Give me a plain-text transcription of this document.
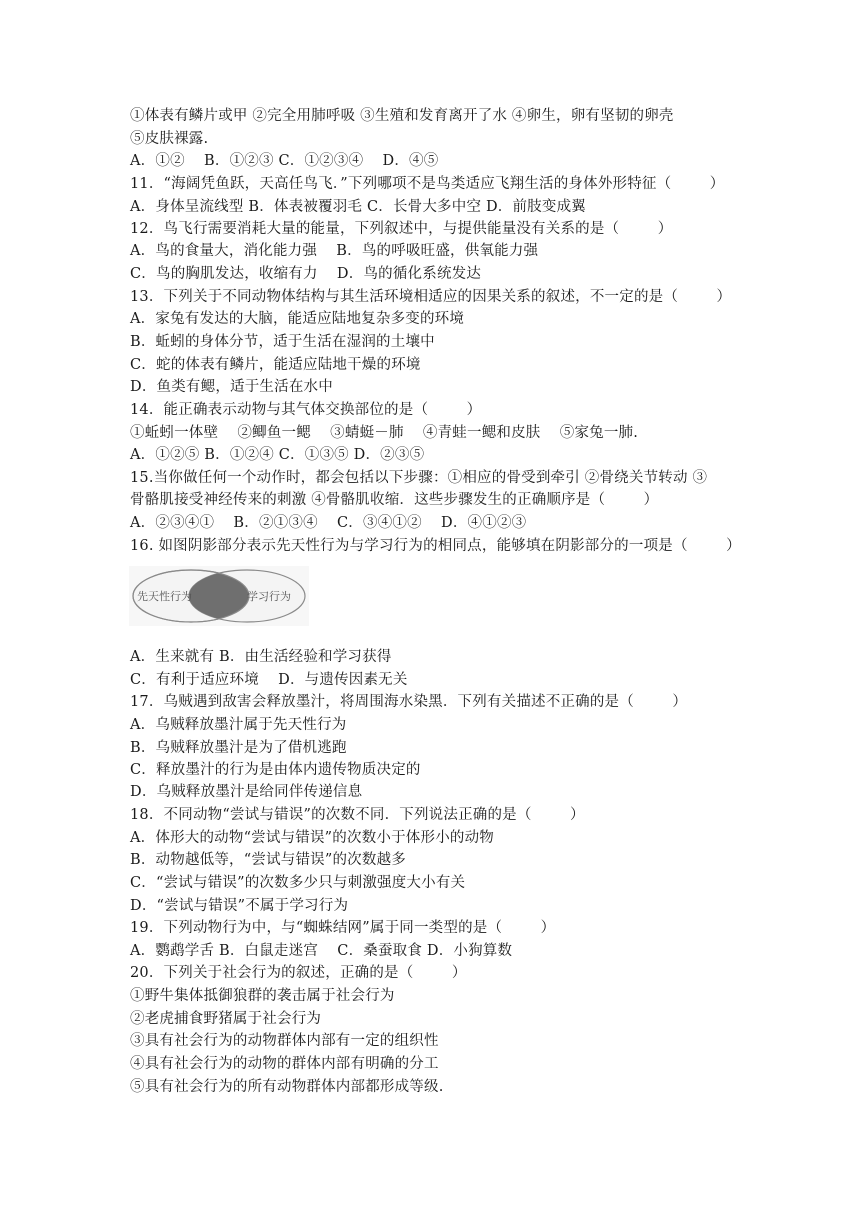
①体表有鳞片或甲 ②完全用肺呼吸 ③生殖和发育离开了水 ④卵生，卵有坚韧的卵壳
⑤皮肤裸露.
A．①②    B．①②③ C．①②③④    D．④⑤
11．“海阔凭鱼跃，天高任鸟飞．”下列哪项不是鸟类适应飞翔生活的身体外形特征（        ）
A．身体呈流线型 B．体表被覆羽毛 C．长骨大多中空 D．前肢变成翼
12．鸟飞行需要消耗大量的能量，下列叙述中，与提供能量没有关系的是（        ）
A．鸟的食量大，消化能力强    B．鸟的呼吸旺盛，供氧能力强
C．鸟的胸肌发达，收缩有力    D．鸟的循化系统发达
13．下列关于不同动物体结构与其生活环境相适应的因果关系的叙述，不一定的是（        ）
A．家兔有发达的大脑，能适应陆地复杂多变的环境
B．蚯蚓的身体分节，适于生活在湿润的土壤中
C．蛇的体表有鳞片，能适应陆地干燥的环境
D．鱼类有鳃，适于生活在水中
14．能正确表示动物与其气体交换部位的是（        ）
①蚯蚓一体壁    ②鲫鱼一鳃    ③蜻蜓－肺    ④青蛙一鳃和皮肤    ⑤家兔一肺.
A．①②⑤ B．①②④ C．①③⑤ D．②③⑤
15.当你做任何一个动作时，都会包括以下步骤：①相应的骨受到牵引 ②骨绕关节转动 ③
骨骼肌接受神经传来的刺激 ④骨骼肌收缩．这些步骤发生的正确顺序是（        ）
A．②③④①    B．②①③④    C．③④①②    D．④①②③
16. 如图阴影部分表示先天性行为与学习行为的相同点，能够填在阴影部分的一项是（        ）
A．生来就有 B．由生活经验和学习获得
C．有利于适应环境    D．与遗传因素无关
17．乌贼遇到敌害会释放墨汁，将周围海水染黑．下列有关描述不正确的是（        ）
A．乌贼释放墨汁属于先天性行为
B．乌贼释放墨汁是为了借机逃跑
C．释放墨汁的行为是由体内遗传物质决定的
D．乌贼释放墨汁是给同伴传递信息
18．不同动物“尝试与错误”的次数不同．下列说法正确的是（        ）
A．体形大的动物“尝试与错误”的次数小于体形小的动物
B．动物越低等，“尝试与错误”的次数越多
C．“尝试与错误”的次数多少只与刺激强度大小有关
D．“尝试与错误”不属于学习行为
19．下列动物行为中，与“蜘蛛结网”属于同一类型的是（        ）
A．鹦鹉学舌 B．白鼠走迷宫    C．桑蚕取食 D．小狗算数
20．下列关于社会行为的叙述，正确的是（        ）
①野牛集体抵御狼群的袭击属于社会行为
②老虎捕食野猪属于社会行为
③具有社会行为的动物群体内部有一定的组织性
④具有社会行为的动物的群体内部有明确的分工
⑤具有社会行为的所有动物群体内部都形成等级.
先天性行为	学习行为
